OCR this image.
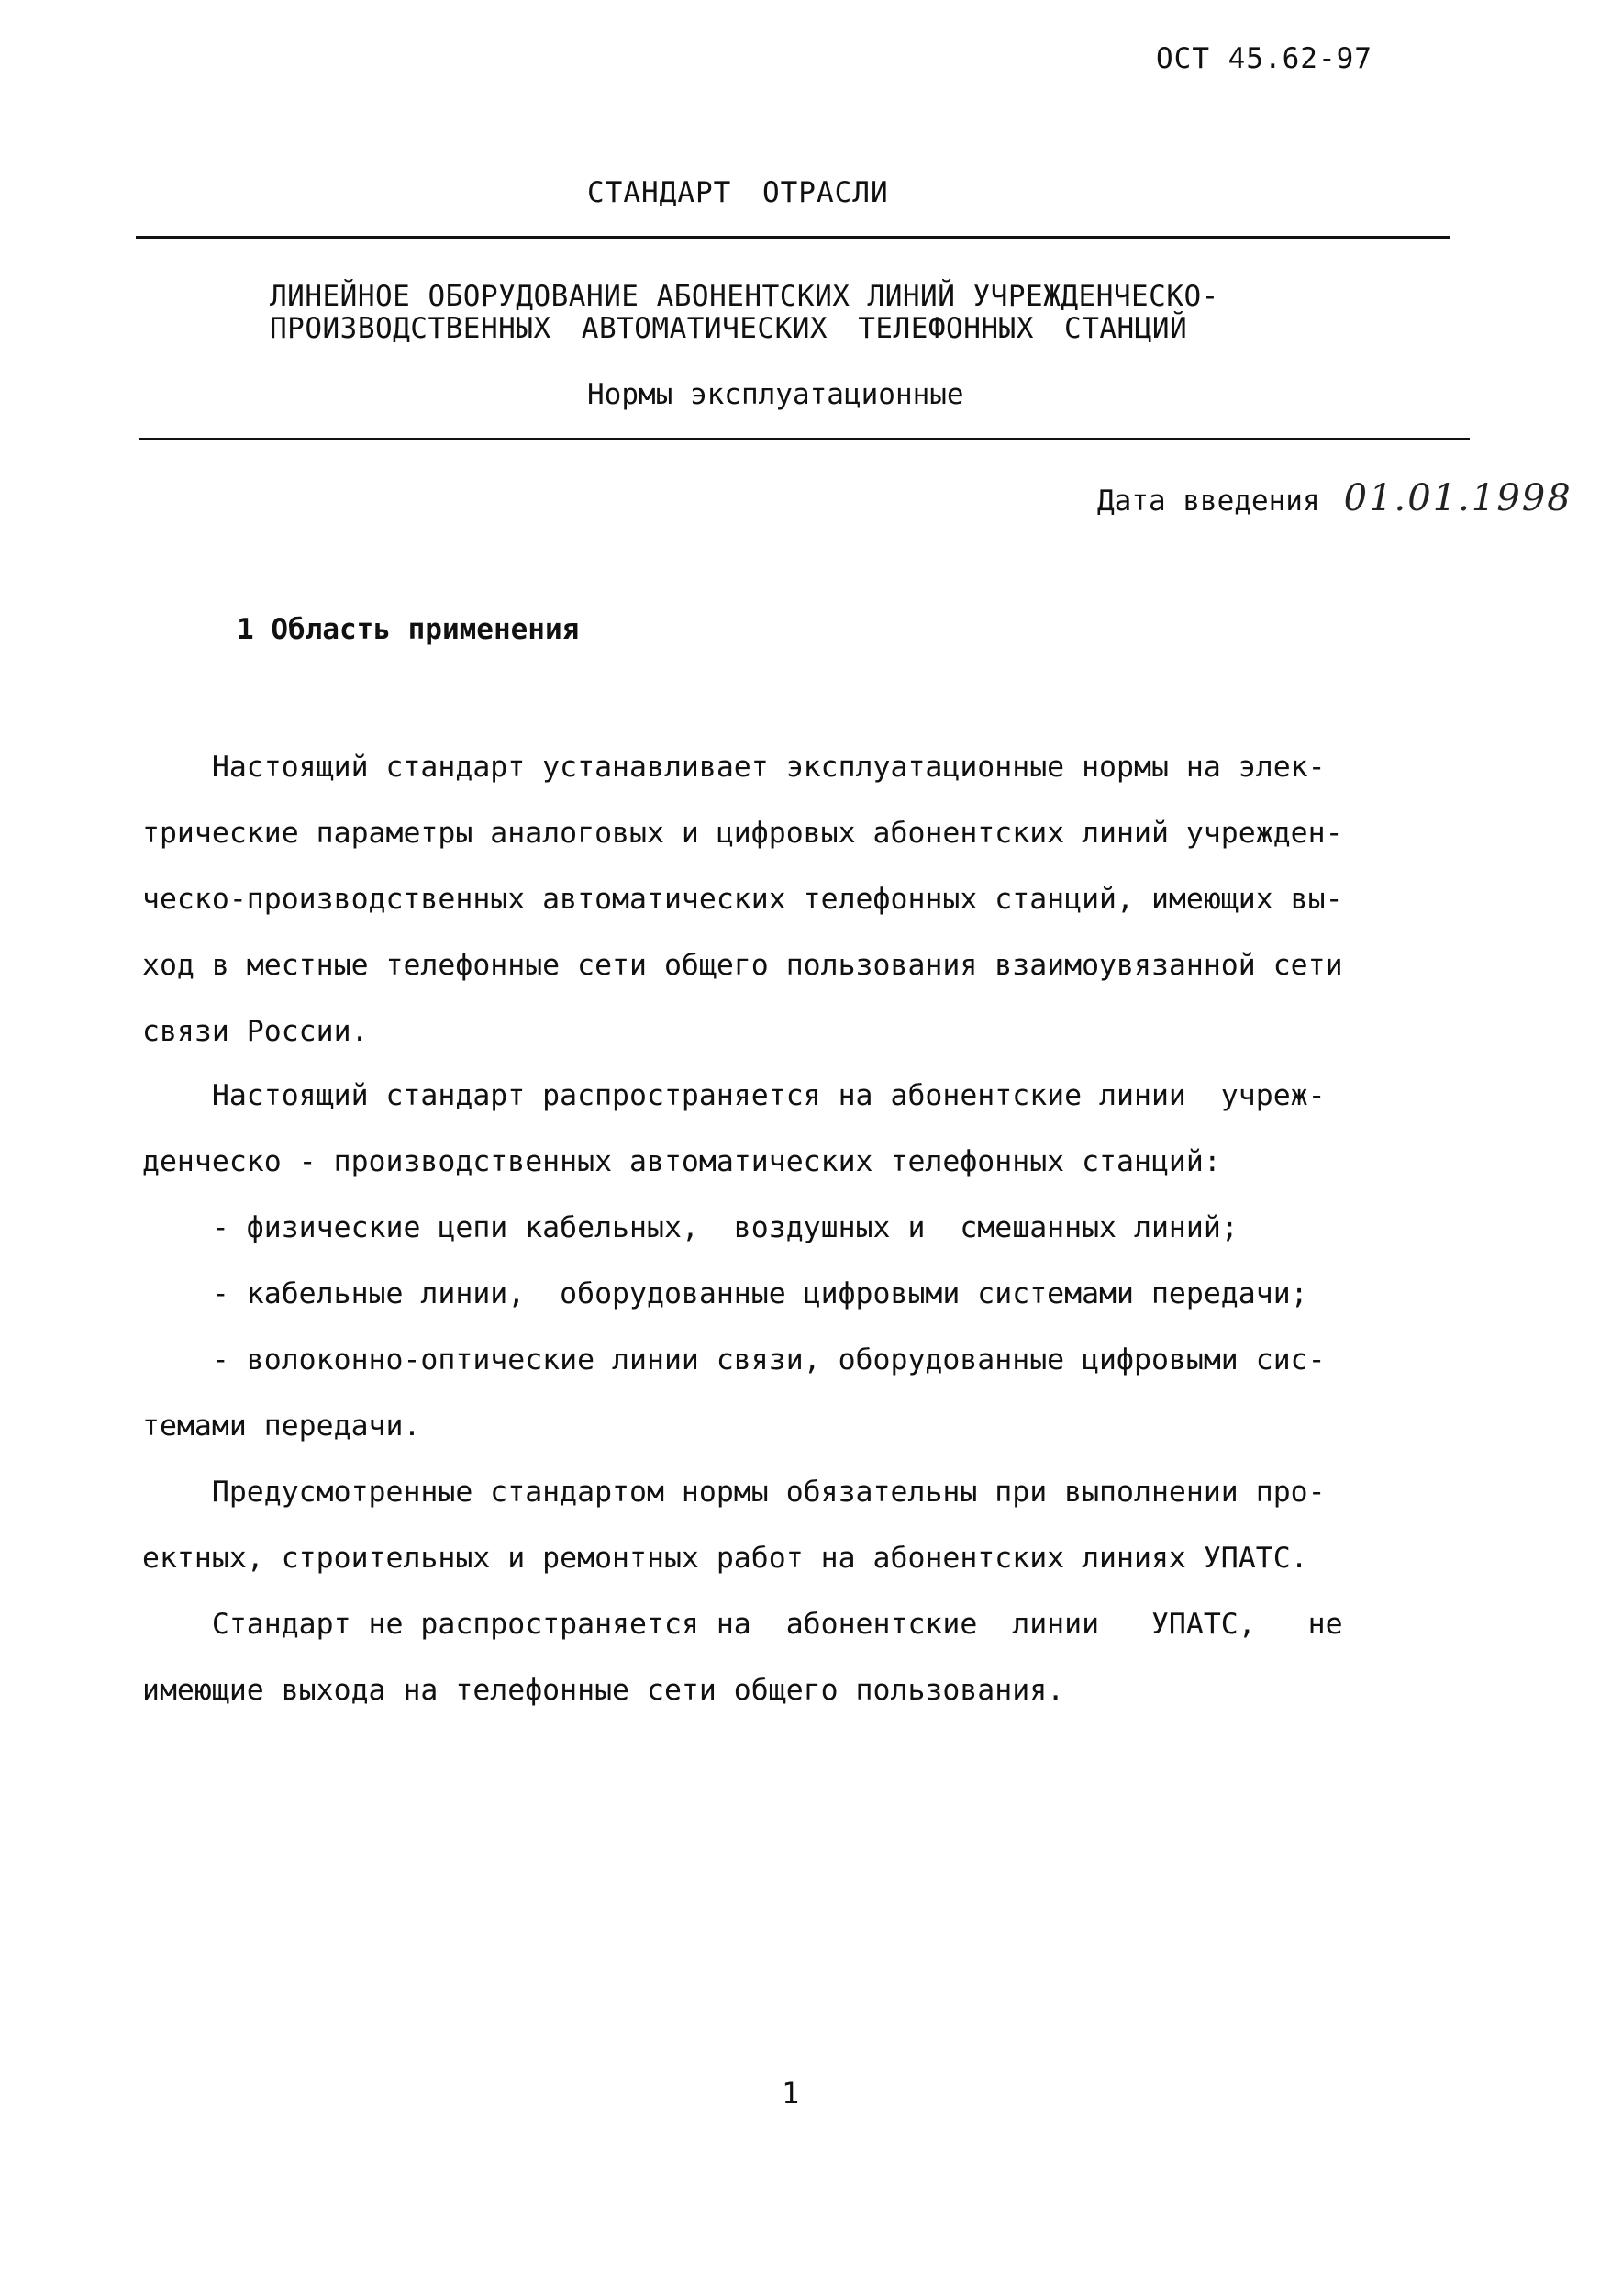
ОСТ 45.62-97
СТАНДАРТ ОТРАСЛИ
ЛИНЕЙНОЕ ОБОРУДОВАНИЕ АБОНЕНТСКИХ ЛИНИЙ УЧРЕЖДЕНЧЕСКО-
ПРОИЗВОДСТВЕННЫХ АВТОМАТИЧЕСКИХ ТЕЛЕФОННЫХ СТАНЦИЙ
Нормы эксплуатационные
Дата введения 01.01.1998
1 Область применения

Настоящий стандарт устанавливает эксплуатационные нормы на элек-

трические параметры аналоговых и цифровых абонентских линий учрежден-

ческо-производственных автоматических телефонных станций, имеющих вы-

ход в местные телефонные сети общего пользования взаимоувязанной сети

связи России.

Настоящий стандарт распространяется на абонентские линии  учреж-

денческо - производственных автоматических телефонных станций:

- физические цепи кабельных,  воздушных и  смешанных линий;

- кабельные линии,  оборудованные цифровыми системами передачи;

- волоконно-оптические линии связи, оборудованные цифровыми сис-

темами передачи.

Предусмотренные стандартом нормы обязательны при выполнении про-

ектных, строительных и ремонтных работ на абонентских линиях УПАТС.

Стандарт не распространяется на  абонентские  линии   УПАТС,   не

имеющие выхода на телефонные сети общего пользования.

1
